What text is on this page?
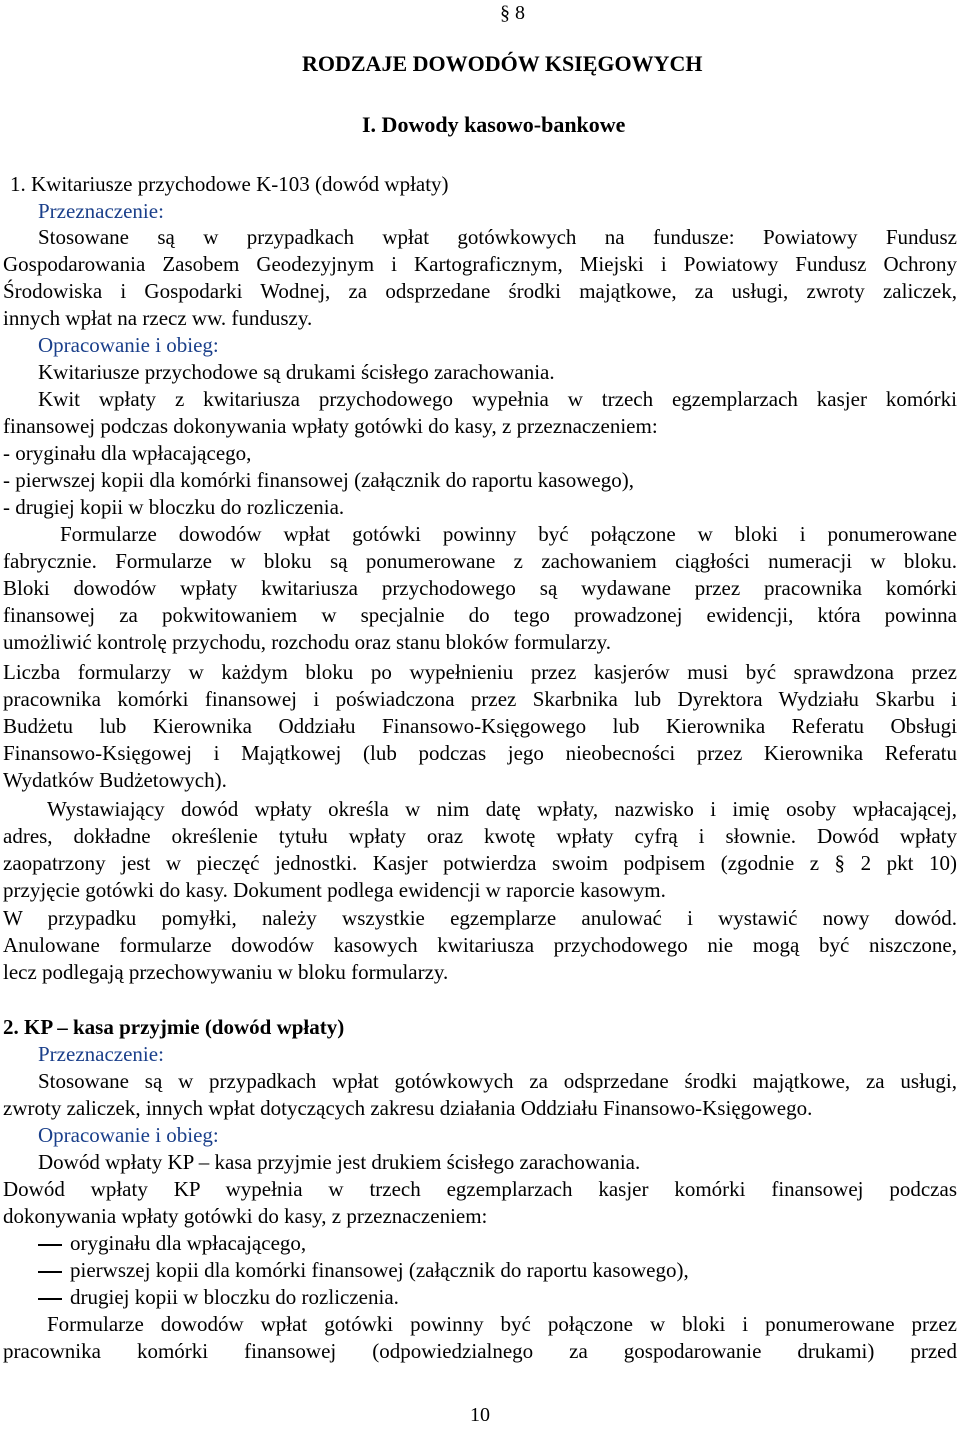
§ 8
RODZAJE DOWODÓW KSIĘGOWYCH
I. Dowody kasowo-bankowe
1. Kwitariusze przychodowe K-103 (dowód wpłaty)
Przeznaczenie:
Stosowane są w przypadkach wpłat gotówkowych na fundusze: Powiatowy Fundusz
Gospodarowania Zasobem Geodezyjnym i Kartograficznym, Miejski i Powiatowy Fundusz Ochrony
Środowiska i Gospodarki Wodnej, za odsprzedane środki majątkowe, za usługi, zwroty zaliczek,
innych wpłat na rzecz ww. funduszy.
Opracowanie i obieg:
Kwitariusze przychodowe są drukami ścisłego zarachowania.
Kwit wpłaty z kwitariusza przychodowego wypełnia w trzech egzemplarzach kasjer komórki
finansowej podczas dokonywania wpłaty gotówki do kasy, z przeznaczeniem:
- oryginału dla wpłacającego,
- pierwszej kopii dla komórki finansowej (załącznik do raportu kasowego),
- drugiej kopii w bloczku do rozliczenia.
Formularze dowodów wpłat gotówki powinny być połączone w bloki i ponumerowane
fabrycznie. Formularze w bloku są ponumerowane z zachowaniem ciągłości numeracji w bloku.
Bloki dowodów wpłaty kwitariusza przychodowego są wydawane przez pracownika komórki
finansowej za pokwitowaniem w specjalnie do tego prowadzonej ewidencji, która powinna
umożliwić kontrolę przychodu, rozchodu oraz stanu bloków formularzy.
Liczba formularzy w każdym bloku po wypełnieniu przez kasjerów musi być sprawdzona przez
pracownika komórki finansowej i poświadczona przez Skarbnika lub Dyrektora Wydziału Skarbu i
Budżetu lub Kierownika Oddziału Finansowo-Księgowego lub Kierownika Referatu Obsługi
Finansowo-Księgowej i Majątkowej (lub podczas jego nieobecności przez Kierownika Referatu
Wydatków Budżetowych).
Wystawiający dowód wpłaty określa w nim datę wpłaty, nazwisko i imię osoby wpłacającej,
adres, dokładne określenie tytułu wpłaty oraz kwotę wpłaty cyfrą i słownie. Dowód wpłaty
zaopatrzony jest w pieczęć jednostki. Kasjer potwierdza swoim podpisem (zgodnie z § 2 pkt 10)
przyjęcie gotówki do kasy. Dokument podlega ewidencji w raporcie kasowym.
W przypadku pomyłki, należy wszystkie egzemplarze anulować i wystawić nowy dowód.
Anulowane formularze dowodów kasowych kwitariusza przychodowego nie mogą być niszczone,
lecz podlegają przechowywaniu w bloku formularzy.
2. KP – kasa przyjmie (dowód wpłaty)
Przeznaczenie:
Stosowane są w przypadkach wpłat gotówkowych za odsprzedane środki majątkowe, za usługi,
zwroty zaliczek, innych wpłat dotyczących zakresu działania Oddziału Finansowo-Księgowego.
Opracowanie i obieg:
Dowód wpłaty KP – kasa przyjmie jest drukiem ścisłego zarachowania.
Dowód wpłaty KP wypełnia w trzech egzemplarzach kasjer komórki finansowej podczas
dokonywania wpłaty gotówki do kasy, z przeznaczeniem:
oryginału dla wpłacającego,
pierwszej kopii dla komórki finansowej (załącznik do raportu kasowego),
drugiej kopii w bloczku do rozliczenia.
Formularze dowodów wpłat gotówki powinny być połączone w bloki i ponumerowane przez
pracownika komórki finansowej (odpowiedzialnego za gospodarowanie drukami) przed
10
